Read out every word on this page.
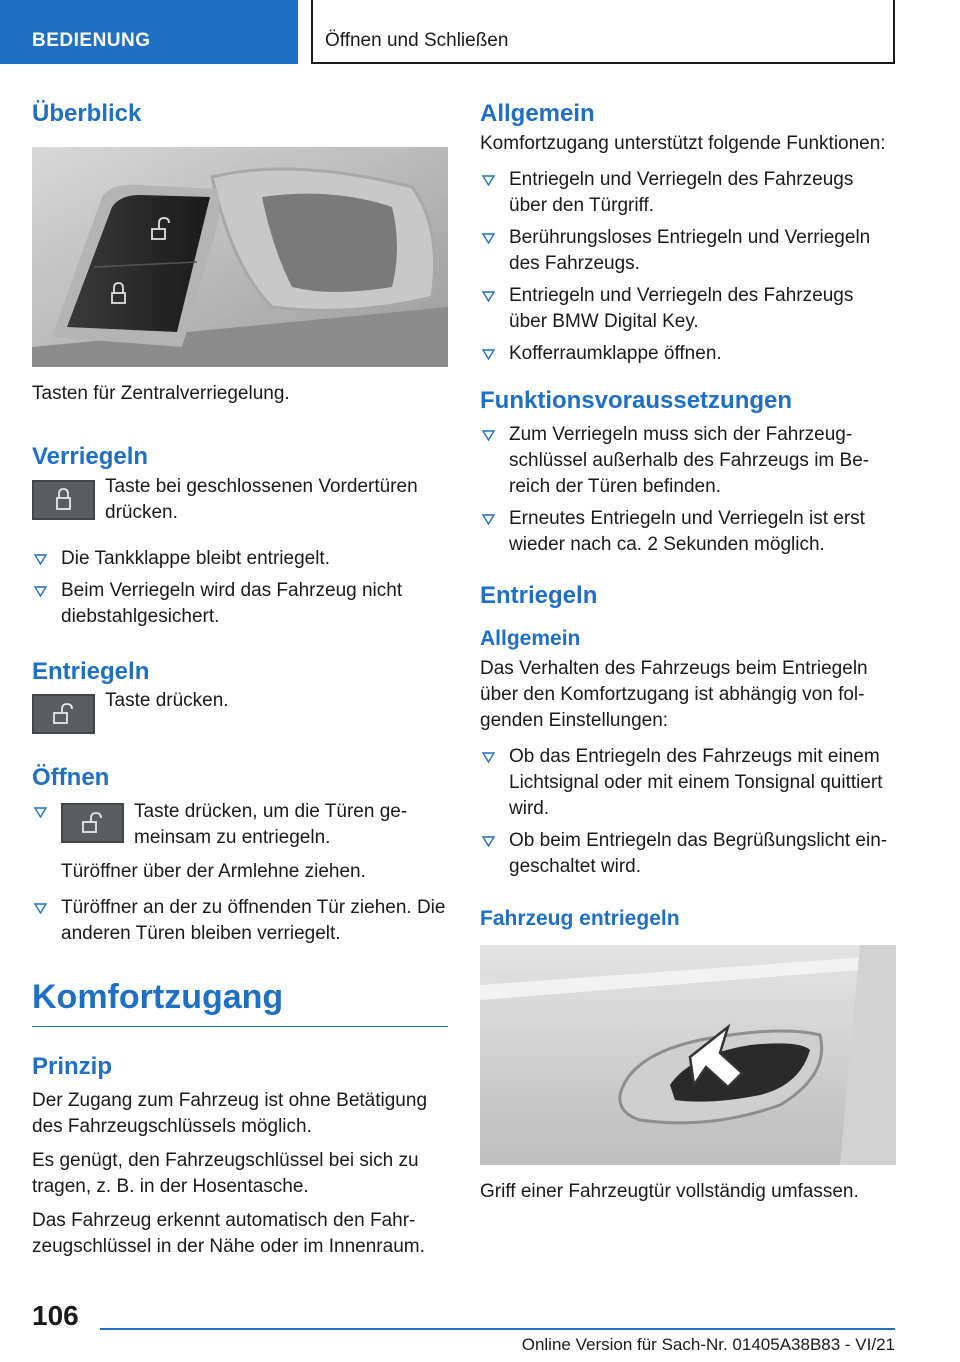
BEDIENUNG	Öffnen und Schließen
Überblick

Tasten für Zentralverriegelung.

Verriegeln

Taste bei geschlossenen Vordertüren drücken.

Die Tankklappe bleibt entriegelt.
Beim Verriegeln wird das Fahrzeug nicht diebstahlgesichert.
Entriegeln

Taste drücken.

Öffnen
Taste drücken, um die Türen gemeinsam zu entriegeln.
Türöffner über der Armlehne ziehen.
Türöffner an der zu öffnenden Tür ziehen. Die anderen Türen bleiben verriegelt.
Komfortzugang
Prinzip

Der Zugang zum Fahrzeug ist ohne Betätigung des Fahrzeugschlüssels möglich.

Es genügt, den Fahrzeugschlüssel bei sich zu tragen, z. B. in der Hosentasche.

Das Fahrzeug erkennt automatisch den Fahrzeugschlüssel in der Nähe oder im Innenraum.

Allgemein

Komfortzugang unterstützt folgende Funktionen:

Entriegeln und Verriegeln des Fahrzeugs über den Türgriff.
Berührungsloses Entriegeln und Verriegeln des Fahrzeugs.
Entriegeln und Verriegeln des Fahrzeugs über BMW Digital Key.
Kofferraumklappe öffnen.
Funktionsvoraussetzungen
Zum Verriegeln muss sich der Fahrzeugschlüssel außerhalb des Fahrzeugs im Bereich der Türen befinden.
Erneutes Entriegeln und Verriegeln ist erst wieder nach ca. 2 Sekunden möglich.
Entriegeln
Allgemein

Das Verhalten des Fahrzeugs beim Entriegeln über den Komfortzugang ist abhängig von folgenden Einstellungen:

Ob das Entriegeln des Fahrzeugs mit einem Lichtsignal oder mit einem Tonsignal quittiert wird.
Ob beim Entriegeln das Begrüßungslicht eingeschaltet wird.
Fahrzeug entriegeln

Griff einer Fahrzeugtür vollständig umfassen.

106
Online Version für Sach-Nr. 01405A38B83 - VI/21
